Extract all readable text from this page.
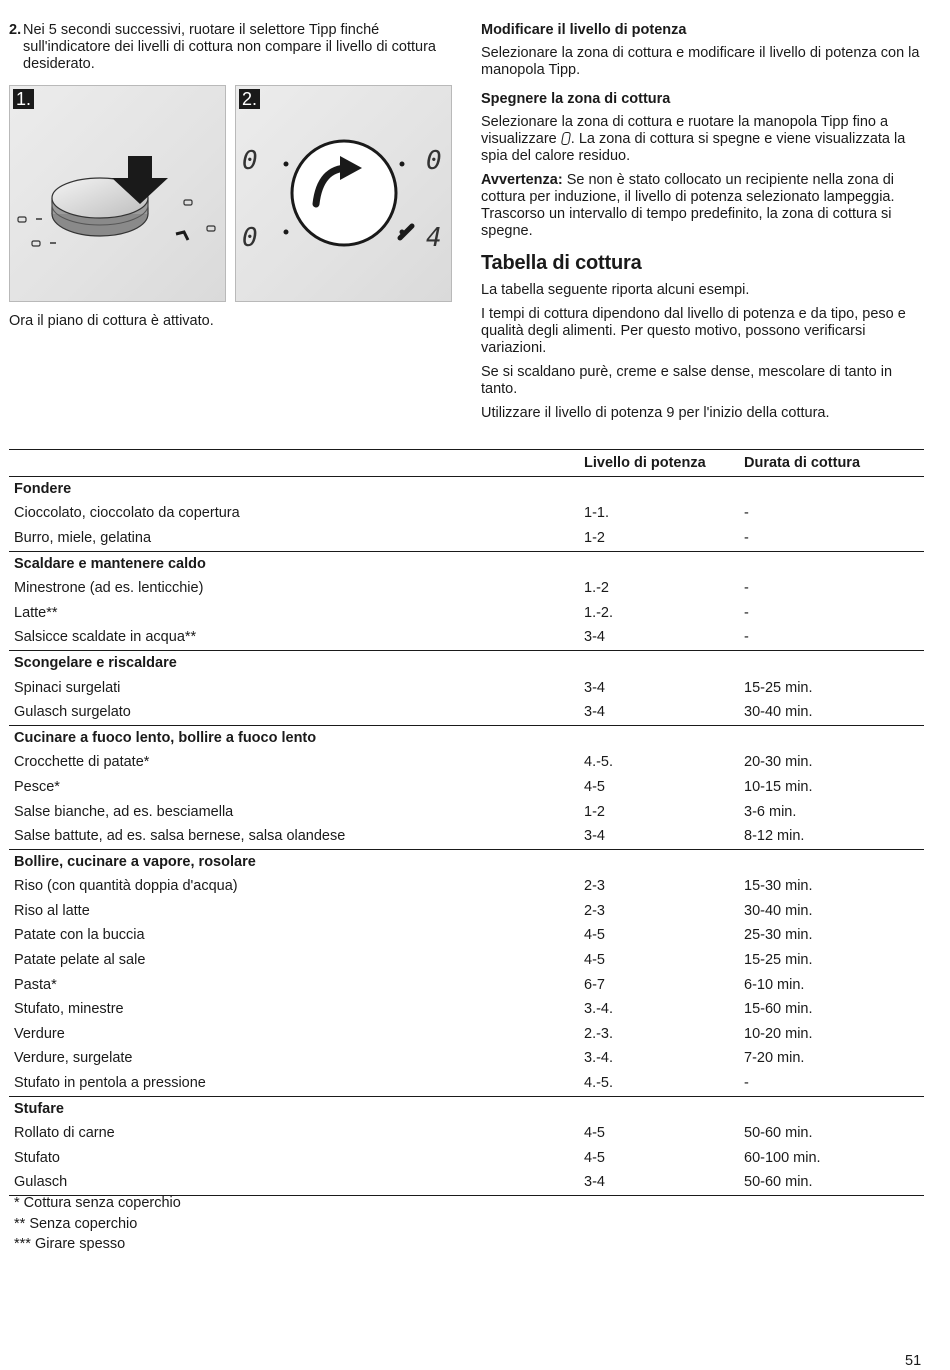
2. Nei 5 secondi successivi, ruotare il selettore Tipp finché sull'indicatore dei livelli di cottura non compare il livello di cottura desiderato.
1.
0	0
0	4
2.
Ora il piano di cottura è attivato.
Modificare il livello di potenza

Selezionare la zona di cottura e modificare il livello di potenza con la manopola Tipp.

Spegnere la zona di cottura

Selezionare la zona di cottura e ruotare la manopola Tipp fino a visualizzare . La zona di cottura si spegne e viene visualizzata la spia del calore residuo.

Avvertenza: Se non è stato collocato un recipiente nella zona di cottura per induzione, il livello di potenza selezionato lampeggia. Trascorso un intervallo di tempo predefinito, la zona di cottura si spegne.

Tabella di cottura

La tabella seguente riporta alcuni esempi.

I tempi di cottura dipendono dal livello di potenza e da tipo, peso e qualità degli alimenti. Per questo motivo, possono verificarsi variazioni.

Se si scaldano purè, creme e salse dense, mescolare di tanto in tanto.

Utilizzare il livello di potenza 9 per l'inizio della cottura.

	Livello di potenza	Durata di cottura
Fondere		
Cioccolato, cioccolato da copertura	1-1.	-
Burro, miele, gelatina	1-2	-
Scaldare e mantenere caldo		
Minestrone (ad es. lenticchie)	1.-2	-
Latte**	1.-2.	-
Salsicce scaldate in acqua**	3-4	-
Scongelare e riscaldare		
Spinaci surgelati	3-4	15-25 min.
Gulasch surgelato	3-4	30-40 min.
Cucinare a fuoco lento, bollire a fuoco lento		
Crocchette di patate*	4.-5.	20-30 min.
Pesce*	4-5	10-15 min.
Salse bianche, ad es. besciamella	1-2	3-6 min.
Salse battute, ad es. salsa bernese, salsa olandese	3-4	8-12 min.
Bollire, cucinare a vapore, rosolare		
Riso (con quantità doppia d'acqua)	2-3	15-30 min.
Riso al latte	2-3	30-40 min.
Patate con la buccia	4-5	25-30 min.
Patate pelate al sale	4-5	15-25 min.
Pasta*	6-7	6-10 min.
Stufato, minestre	3.-4.	15-60 min.
Verdure	2.-3.	10-20 min.
Verdure, surgelate	3.-4.	7-20 min.
Stufato in pentola a pressione	4.-5.	-
Stufare		
Rollato di carne	4-5	50-60 min.
Stufato	4-5	60-100 min.
Gulasch	3-4	50-60 min.
* Cottura senza coperchio
** Senza coperchio
*** Girare spesso
51
